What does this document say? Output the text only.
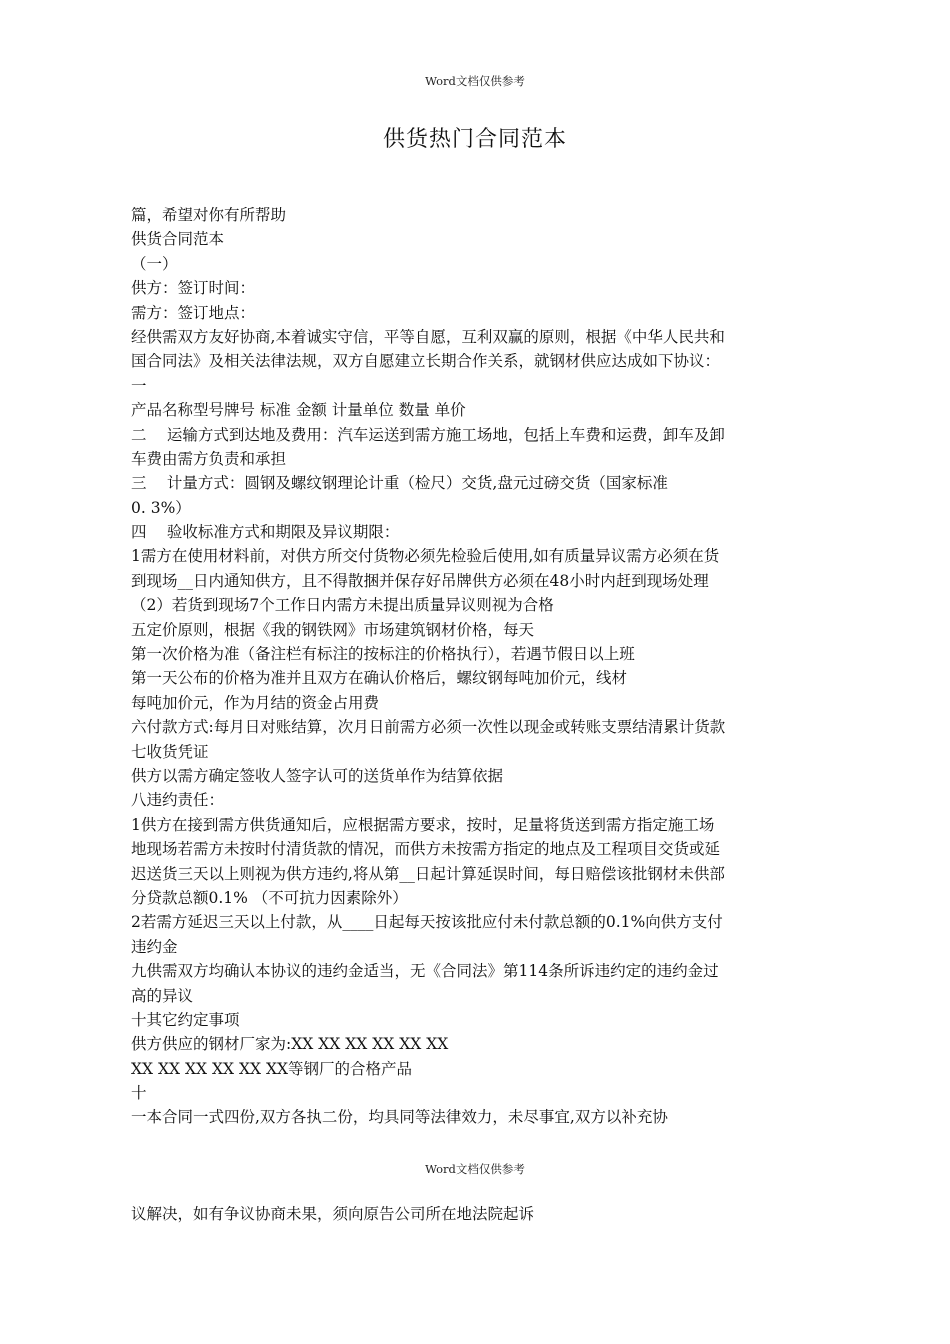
Word文档仅供参考
供货热门合同范本
篇，希望对你有所帮助
供货合同范本
（一）
供方：签订时间：
需方：签订地点：
经供需双方友好协商,本着诚实守信，平等自愿，互利双赢的原则，根据《中华人民共和
国合同法》及相关法律法规，双方自愿建立长期合作关系，就钢材供应达成如下协议：
一
产品名称型号牌号 标准 金额 计量单位 数量 单价
二　 运输方式到达地及费用：汽车运送到需方施工场地，包括上车费和运费，卸车及卸
车费由需方负责和承担
三　 计量方式：圆钢及螺纹钢理论计重（检尺）交货,盘元过磅交货（国家标准
0. 3%）
四　 验收标准方式和期限及异议期限：
1需方在使用材料前，对供方所交付货物必须先检验后使用,如有质量异议需方必须在货
到现场__日内通知供方，且不得散捆并保存好吊牌供方必须在48小时内赶到现场处理
（2）若货到现场7个工作日内需方未提出质量异议则视为合格
五定价原则，根据《我的钢铁网》市场建筑钢材价格，每天
第一次价格为准（备注栏有标注的按标注的价格执行），若遇节假日以上班
第一天公布的价格为准并且双方在确认价格后，螺纹钢每吨加价元，线材
每吨加价元，作为月结的资金占用费
六付款方式:每月日对账结算，次月日前需方必须一次性以现金或转账支票结清累计货款
七收货凭证
供方以需方确定签收人签字认可的送货单作为结算依据
八违约责任：
1供方在接到需方供货通知后，应根据需方要求，按时，足量将货送到需方指定施工场
地现场若需方未按时付清货款的情况，而供方未按需方指定的地点及工程项目交货或延
迟送货三天以上则视为供方违约,将从第__日起计算延误时间，每日赔偿该批钢材未供部
分贷款总额0.1% （不可抗力因素除外）
2若需方延迟三天以上付款，从____日起每天按该批应付未付款总额的0.1%向供方支付
违约金
九供需双方均确认本协议的违约金适当，无《合同法》第114条所诉违约定的违约金过
高的异议
十其它约定事项
供方供应的钢材厂家为:XX XX XX XX XX XX
XX XX XX XX XX XX等钢厂的合格产品
十
一本合同一式四份,双方各执二份，均具同等法律效力，未尽事宜,双方以补充协
Word文档仅供参考
议解决，如有争议协商未果，须向原告公司所在地法院起诉
